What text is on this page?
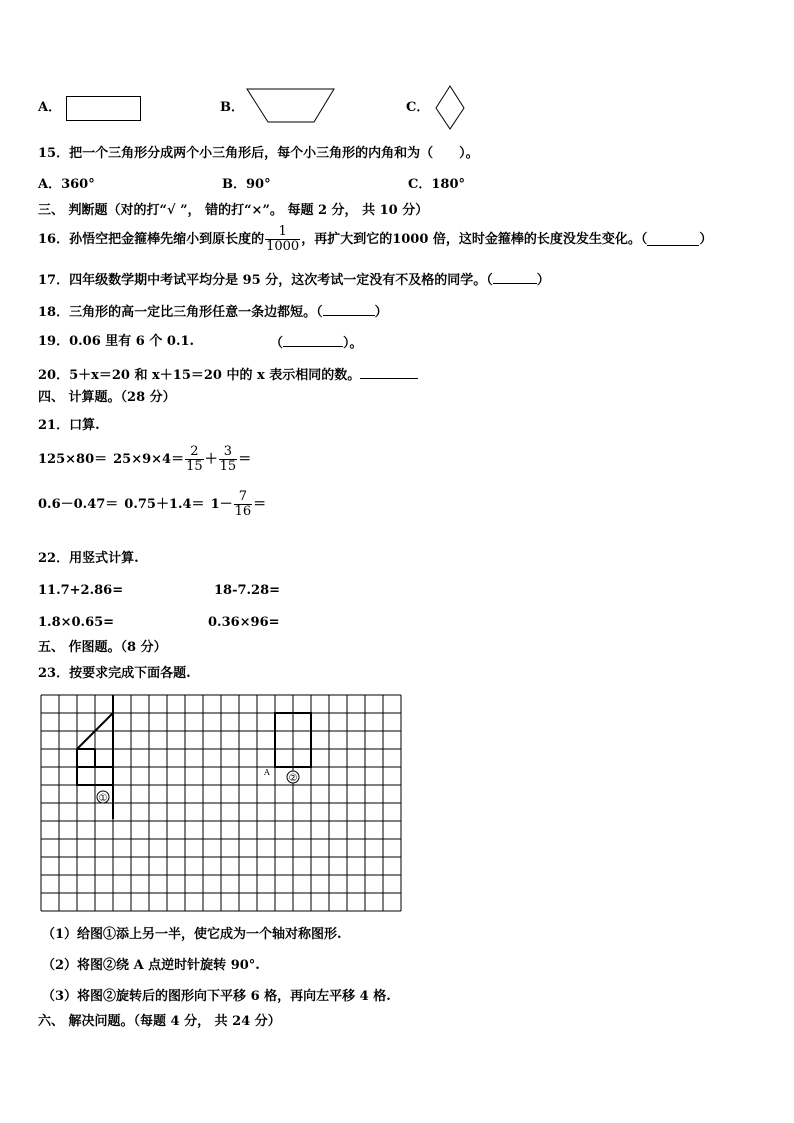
A．	B．	C．
15．把一个三角形分成两个小三角形后，每个小三角形的内角和为（　　）。
A．360°	B．90°	C．180°
三、 判断题（对的打“√ ”， 错的打“×”。 每题 2 分， 共 10 分）
16．孙悟空把金箍棒先缩小到原长度的 $\frac{1}{1000}$ ，再扩大到它的1000 倍，这时金箍棒的长度没发生变化。（	）
17．四年级数学期中考试平均分是 95 分，这次考试一定没有不及格的同学。（	）
18．三角形的高一定比三角形任意一条边都短。（	）
19．0.06 里有 6 个 0.1.	（	）。
20．5＋x＝20 和 x＋15＝20 中的 x 表示相同的数。
四、 计算题。（28 分）
21．口算.
$125\times 80= 25\times 9\times 4= \frac{2}{15} + \frac{3}{15}$ ＝
$0.6-0.47= 0.75+1.4= 1- \frac{7}{16}$ ＝
22．用竖式计算.
11.7+2.86=	18-7.28=
1.8×0.65=	0.36×96=
五、 作图题。（8 分）
23．按要求完成下面各题.
①
②
A
（1）给图①添上另一半，使它成为一个轴对称图形.
（2）将图②绕 A 点逆时针旋转 90°.
（3）将图②旋转后的图形向下平移 6 格，再向左平移 4 格.
六、 解决问题。（每题 4 分， 共 24 分）
